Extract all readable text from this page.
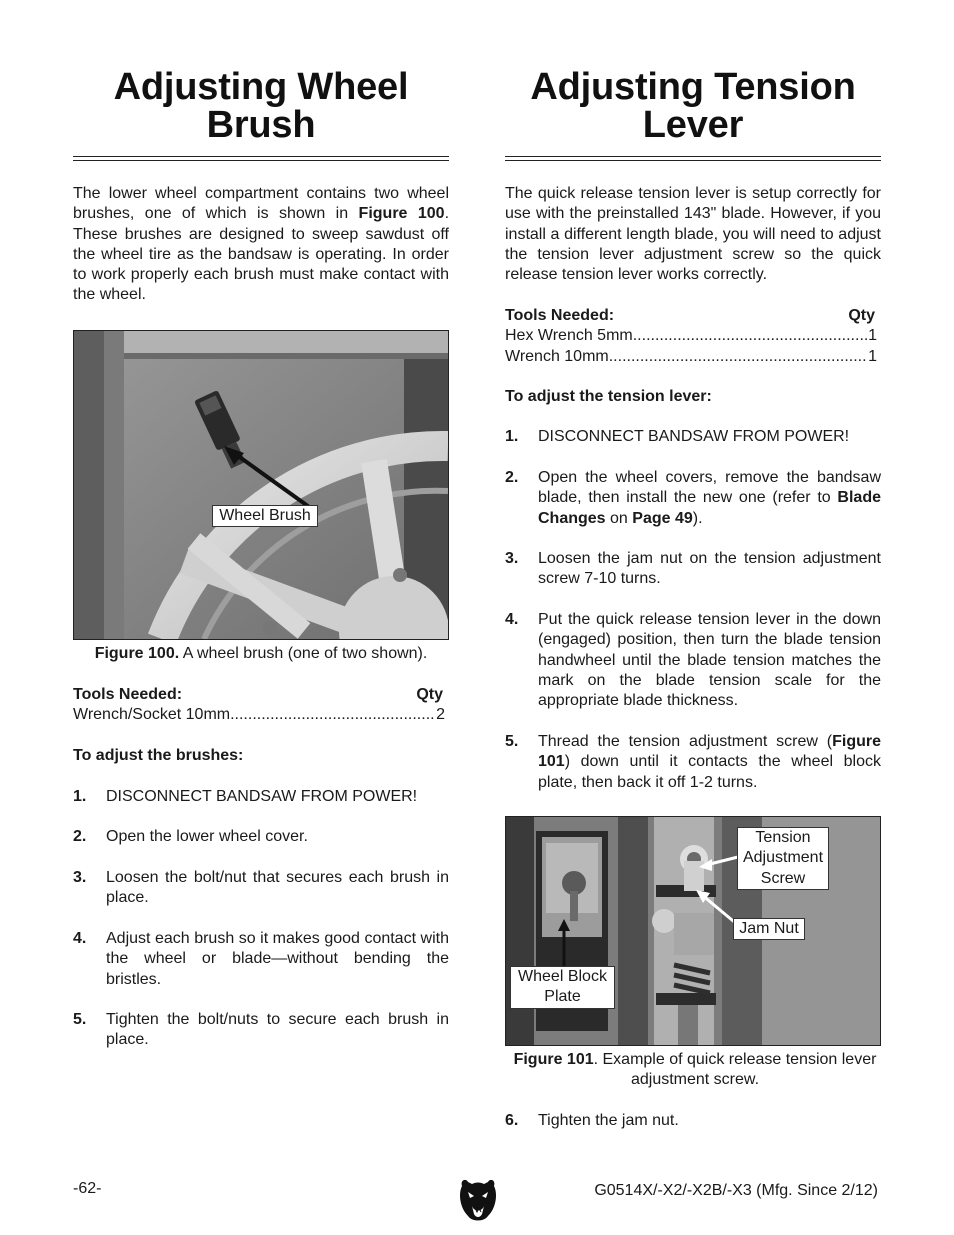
Adjusting Wheel
Brush
The lower wheel compartment contains two wheel brushes, one of which is shown in Figure 100. These brushes are designed to sweep sawdust off the wheel tire as the bandsaw is operating. In order to work properly each brush must make contact with the wheel.
Wheel Brush
Figure 100. A wheel brush (one of two shown).
Tools Needed:	Qty
Wrench/Socket 10mm .....	2
To adjust the brushes:
1. DISCONNECT BANDSAW FROM POWER!
2. Open the lower wheel cover.
3. Loosen the bolt/nut that secures each brush in place.
4. Adjust each brush so it makes good contact with the wheel or blade—without bending the bristles.
5. Tighten the bolt/nuts to secure each brush in place.
Adjusting Tension
Lever
The quick release tension lever is setup correctly for use with the preinstalled 143" blade. However, if you install a different length blade, you will need to adjust the tension lever adjustment screw so the quick release tension lever works correctly.
Tools Needed:	Qty
Hex Wrench 5mm .....	1
Wrench 10mm .....	1
To adjust the tension lever:
1. DISCONNECT BANDSAW FROM POWER!
2. Open the wheel covers, remove the bandsaw blade, then install the new one (refer to Blade Changes on Page 49).
3. Loosen the jam nut on the tension adjustment screw 7-10 turns.
4. Put the quick release tension lever in the down (engaged) position, then turn the blade tension handwheel until the blade tension matches the mark on the blade tension scale for the appropriate blade thickness.
5. Thread the tension adjustment screw (Figure 101) down until it contacts the wheel block plate, then back it off 1-2 turns.
Tension Adjustment Screw
Jam Nut
Wheel Block Plate
Figure 101. Example of quick release tension lever adjustment screw.
6. Tighten the jam nut.
-62-	G0514X/-X2/-X2B/-X3 (Mfg. Since 2/12)
